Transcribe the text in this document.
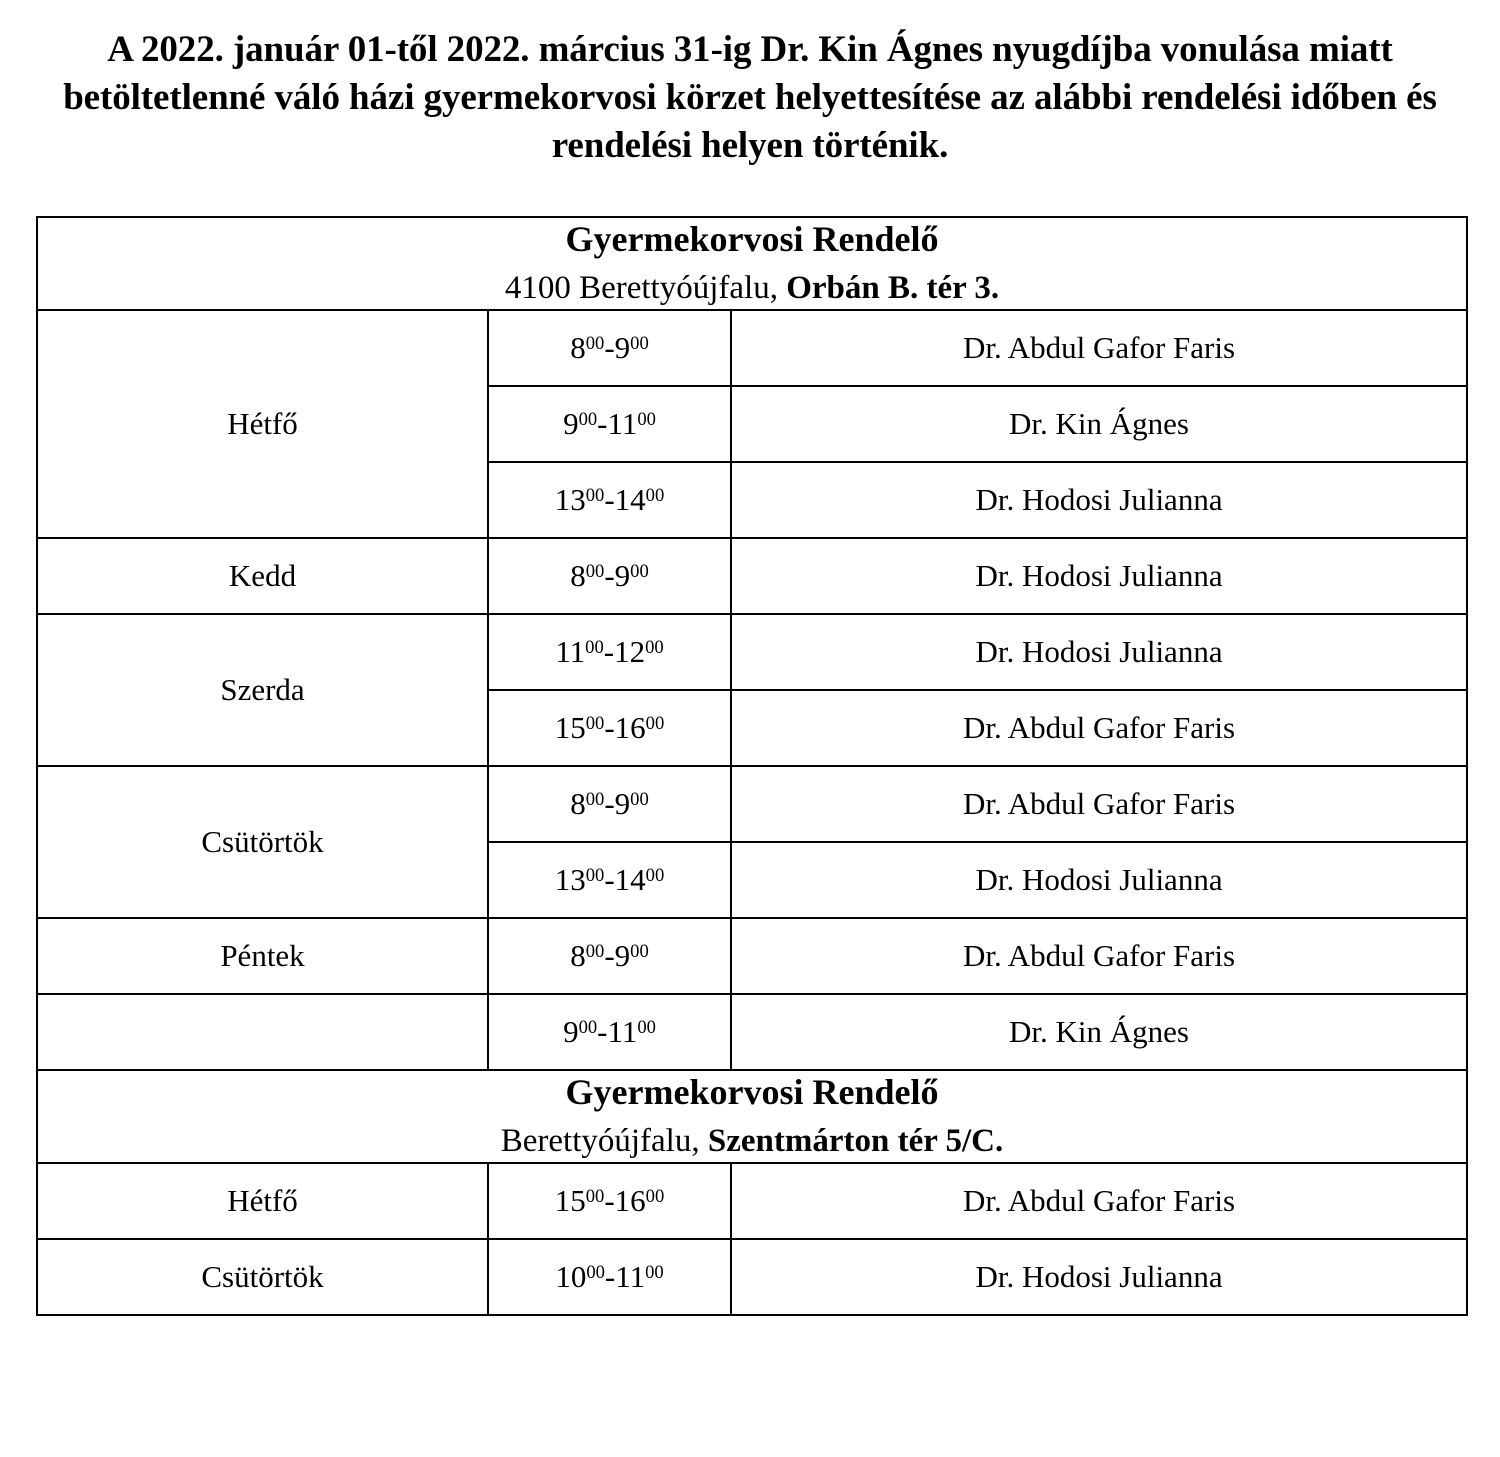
A 2022. január 01-től 2022. március 31-ig Dr. Kin Ágnes nyugdíjba vonulása miatt betöltetlenné váló házi gyermekorvosi körzet helyettesítése az alábbi rendelési időben és rendelési helyen történik.
Gyermekorvosi Rendelő
4100 Berettyóújfalu, Orbán B. tér 3.		

Hétfő	$8^{00}-9^{00}$	Dr. Abdul Gafor Faris
	$9^{00}-11^{00}$	Dr. Kin Ágnes
	$13^{00}-14^{00}$	Dr. Hodosi Julianna
Kedd	$8^{00}-9^{00}$	Dr. Hodosi Julianna
Szerda	$11^{00}-12^{00}$	Dr. Hodosi Julianna
	$15^{00}-16^{00}$	Dr. Abdul Gafor Faris
Csütörtök	$8^{00}-9^{00}$	Dr. Abdul Gafor Faris
	$13^{00}-14^{00}$	Dr. Hodosi Julianna
Péntek	$8^{00}-9^{00}$	Dr. Abdul Gafor Faris
	$9^{00}-11^{00}$	Dr. Kin Ágnes

Gyermekorvosi Rendelő
Berettyóújfalu, Szentmárton tér 5/C.		

Hétfő	$15^{00}-16^{00}$	Dr. Abdul Gafor Faris
Csütörtök	$10^{00}-11^{00}$	Dr. Hodosi Julianna
